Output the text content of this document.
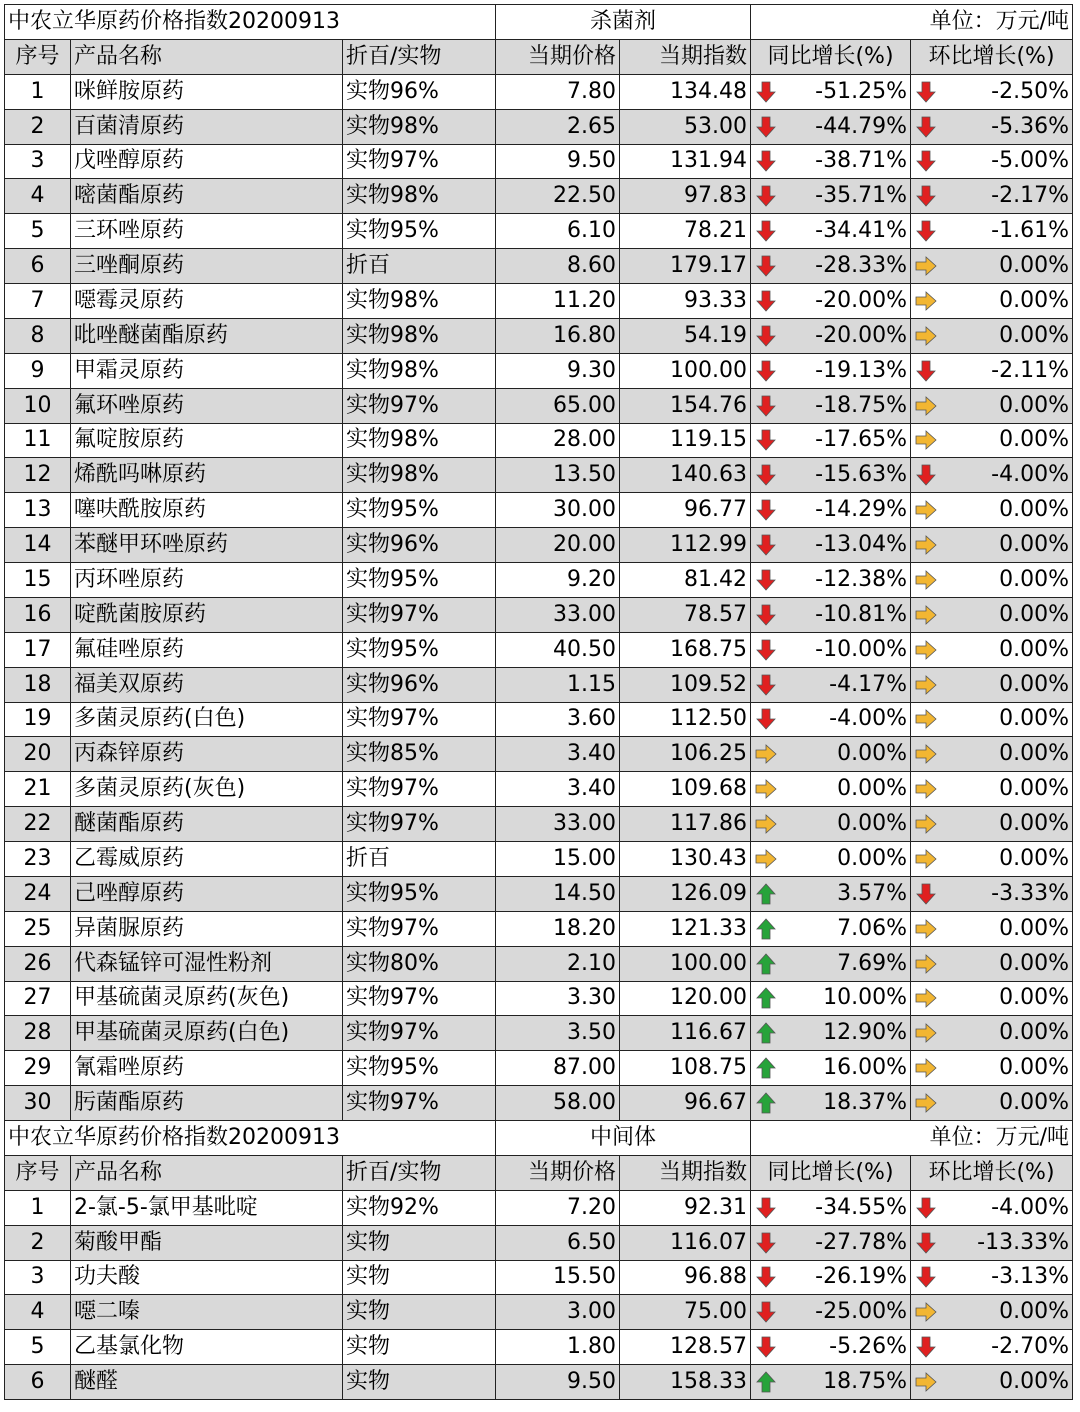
中农立华原药价格指数20200913			杀菌剂		单位：万元/吨	
序号	产品名称	折百/实物	当期价格	当期指数	同比增长(%)	环比增长(%)
1	咪鲜胺原药	实物96%	7.80	134.48	-51.25%	-2.50%
2	百菌清原药	实物98%	2.65	53.00	-44.79%	-5.36%
3	戊唑醇原药	实物97%	9.50	131.94	-38.71%	-5.00%
4	嘧菌酯原药	实物98%	22.50	97.83	-35.71%	-2.17%
5	三环唑原药	实物95%	6.10	78.21	-34.41%	-1.61%
6	三唑酮原药	折百	8.60	179.17	-28.33%	0.00%
7	噁霉灵原药	实物98%	11.20	93.33	-20.00%	0.00%
8	吡唑醚菌酯原药	实物98%	16.80	54.19	-20.00%	0.00%
9	甲霜灵原药	实物98%	9.30	100.00	-19.13%	-2.11%
10	氟环唑原药	实物97%	65.00	154.76	-18.75%	0.00%
11	氟啶胺原药	实物98%	28.00	119.15	-17.65%	0.00%
12	烯酰吗啉原药	实物98%	13.50	140.63	-15.63%	-4.00%
13	噻呋酰胺原药	实物95%	30.00	96.77	-14.29%	0.00%
14	苯醚甲环唑原药	实物96%	20.00	112.99	-13.04%	0.00%
15	丙环唑原药	实物95%	9.20	81.42	-12.38%	0.00%
16	啶酰菌胺原药	实物97%	33.00	78.57	-10.81%	0.00%
17	氟硅唑原药	实物95%	40.50	168.75	-10.00%	0.00%
18	福美双原药	实物96%	1.15	109.52	-4.17%	0.00%
19	多菌灵原药(白色)	实物97%	3.60	112.50	-4.00%	0.00%
20	丙森锌原药	实物85%	3.40	106.25	0.00%	0.00%
21	多菌灵原药(灰色)	实物97%	3.40	109.68	0.00%	0.00%
22	醚菌酯原药	实物97%	33.00	117.86	0.00%	0.00%
23	乙霉威原药	折百	15.00	130.43	0.00%	0.00%
24	己唑醇原药	实物95%	14.50	126.09	3.57%	-3.33%
25	异菌脲原药	实物97%	18.20	121.33	7.06%	0.00%
26	代森锰锌可湿性粉剂	实物80%	2.10	100.00	7.69%	0.00%
27	甲基硫菌灵原药(灰色)	实物97%	3.30	120.00	10.00%	0.00%
28	甲基硫菌灵原药(白色)	实物97%	3.50	116.67	12.90%	0.00%
29	氰霜唑原药	实物95%	87.00	108.75	16.00%	0.00%
30	肟菌酯原药	实物97%	58.00	96.67	18.37%	0.00%
中农立华原药价格指数20200913			中间体		单位：万元/吨	
序号	产品名称	折百/实物	当期价格	当期指数	同比增长(%)	环比增长(%)
1	2-氯-5-氯甲基吡啶	实物92%	7.20	92.31	-34.55%	-4.00%
2	菊酸甲酯	实物	6.50	116.07	-27.78%	-13.33%
3	功夫酸	实物	15.50	96.88	-26.19%	-3.13%
4	噁二嗪	实物	3.00	75.00	-25.00%	0.00%
5	乙基氯化物	实物	1.80	128.57	-5.26%	-2.70%
6	醚醛	实物	9.50	158.33	18.75%	0.00%
